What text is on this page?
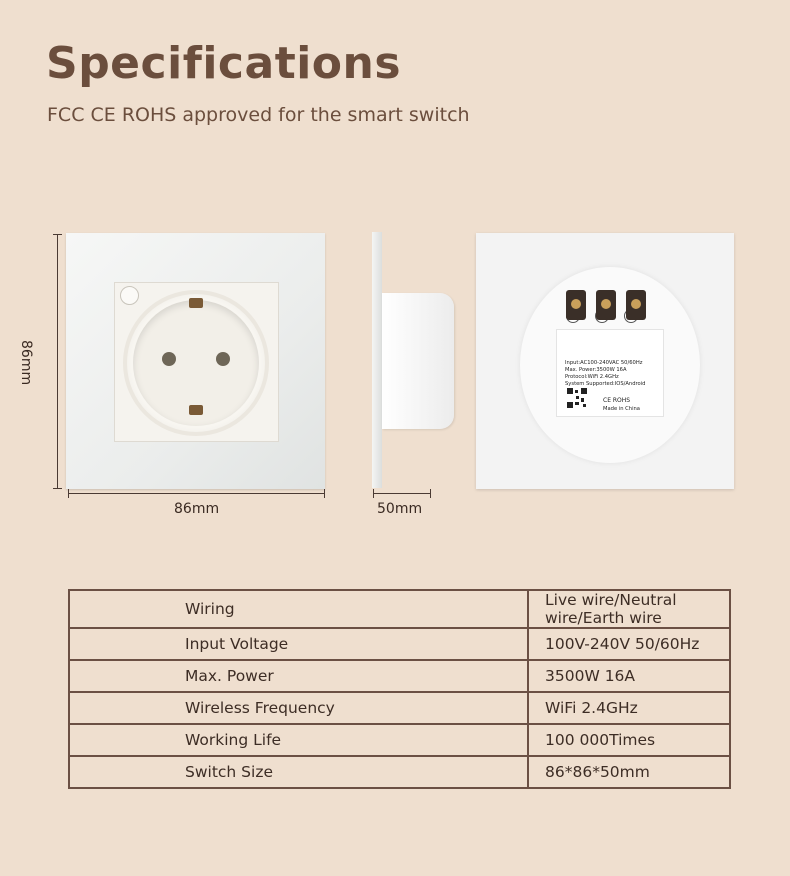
Specifications
FCC CE ROHS approved for the smart switch
86mm
86mm	50mm
Input:AC100-240VAC 50/60Hz
Max. Power:3500W 16A
Protocol:WiFi 2.4GHz
System Supported:IOS/Android
CE ROHS
Made in China
Wiring	Live wire/Neutral wire/Earth wire
Input Voltage	100V-240V 50/60Hz
Max. Power	3500W 16A
Wireless Frequency	WiFi 2.4GHz
Working Life	100 000Times
Switch Size	86*86*50mm
